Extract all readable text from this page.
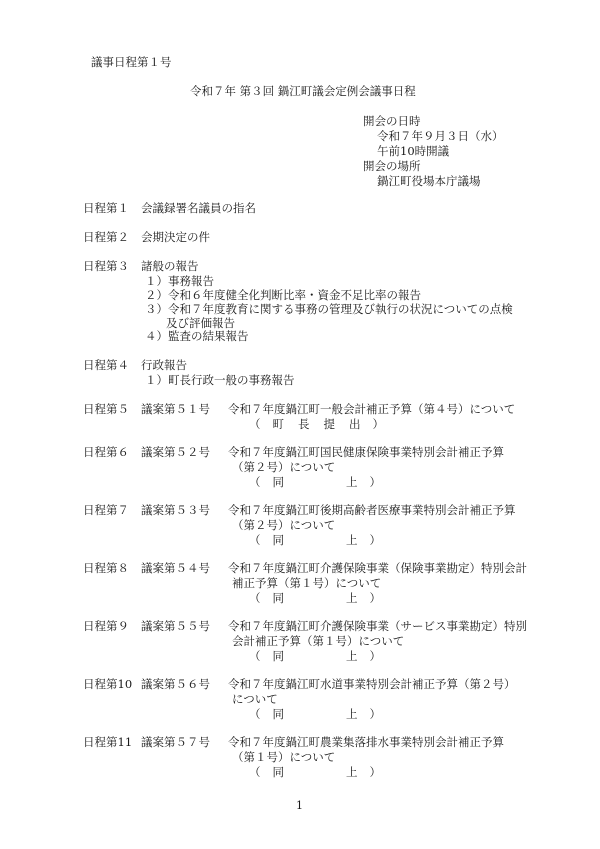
議事日程第１号
令和７年 第３回 鍋江町議会定例会議事日程
開会の日時
令和７年９月３日（水）
午前10時開議
開会の場所
鍋江町役場本庁議場
日程第１ 会議録署名議員の指名
日程第２ 会期決定の件
日程第３ 諸般の報告
１）事務報告
２）令和６年度健全化判断比率・資金不足比率の報告
３）令和７年度教育に関する事務の管理及び執行の状況についての点検
及び評価報告
４）監査の結果報告
日程第４ 行政報告
１）町長行政一般の事務報告
日程第５ 議案第５１号 令和７年度鍋江町一般会計補正予算（第４号）について
（ 町 長 提 出 ）
日程第６ 議案第５２号 令和７年度鍋江町国民健康保険事業特別会計補正予算
（第２号）について
（ 同	上 ）
日程第７ 議案第５３号 令和７年度鍋江町後期高齢者医療事業特別会計補正予算
（第２号）について
（ 同	上 ）
日程第８ 議案第５４号 令和７年度鍋江町介護保険事業（保険事業勘定）特別会計
補正予算（第１号）について
（ 同	上 ）
日程第９ 議案第５５号 令和７年度鍋江町介護保険事業（サービス事業勘定）特別
会計補正予算（第１号）について
（ 同	上 ）
日程第10 議案第５６号 令和７年度鍋江町水道事業特別会計補正予算（第２号）
について
（ 同	上 ）
日程第11 議案第５７号 令和７年度鍋江町農業集落排水事業特別会計補正予算
（第１号）について
（ 同	上 ）
1
